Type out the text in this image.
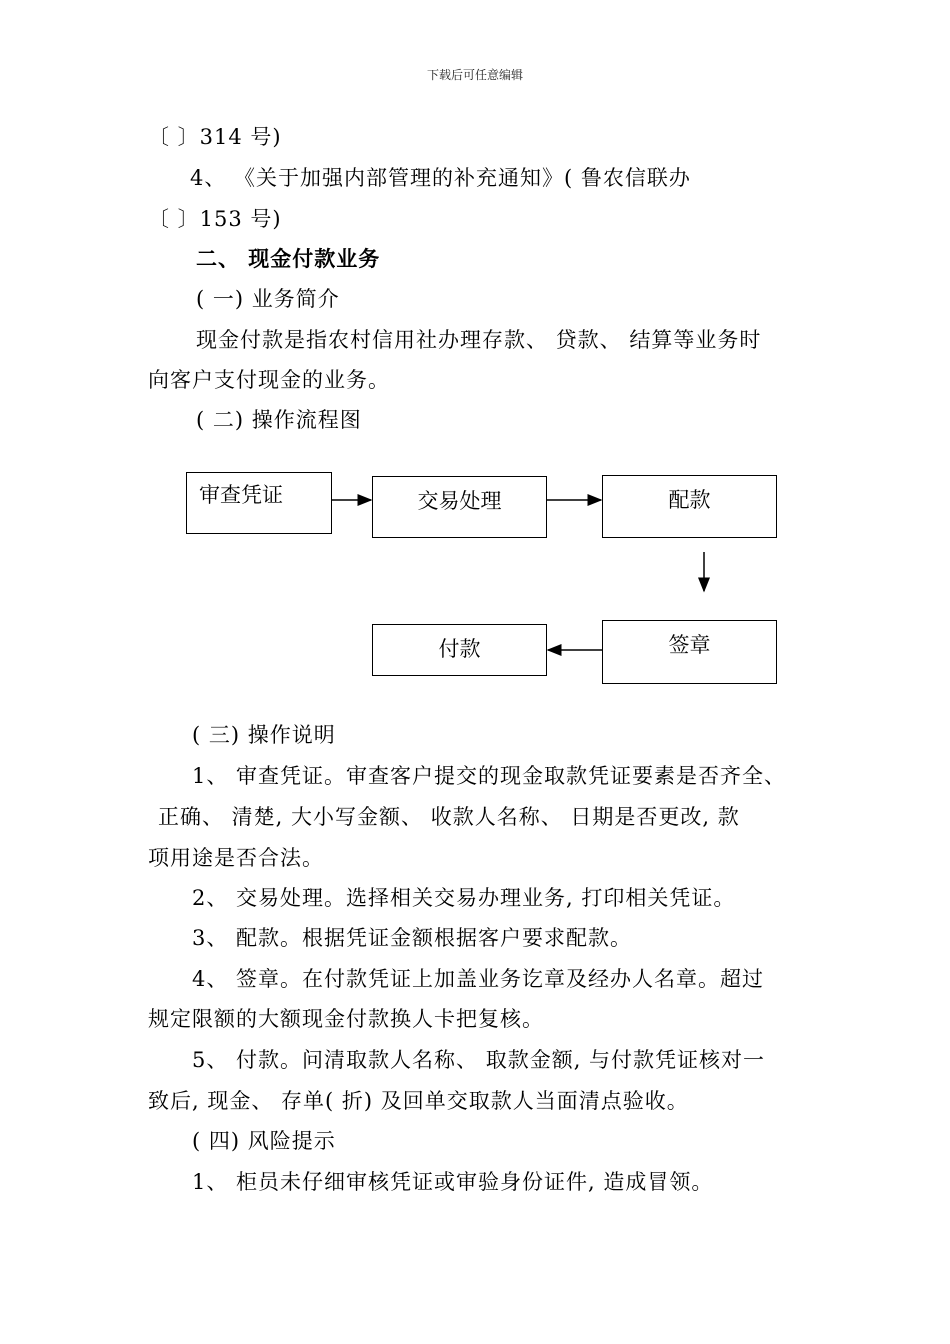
下载后可任意编辑
〔 〕314 号)
4、 《关于加强内部管理的补充通知》( 鲁农信联办
〔 〕153 号)
二、 现金付款业务
( 一) 业务简介
现金付款是指农村信用社办理存款、 贷款、 结算等业务时
向客户支付现金的业务。
( 二) 操作流程图
审查凭证	交易处理	配款
签章
付款
( 三) 操作说明
1、 审查凭证。审查客户提交的现金取款凭证要素是否齐全、
正确、 清楚, 大小写金额、 收款人名称、 日期是否更改, 款
项用途是否合法。
2、 交易处理。选择相关交易办理业务, 打印相关凭证。
3、 配款。根据凭证金额根据客户要求配款。
4、 签章。在付款凭证上加盖业务讫章及经办人名章。超过
规定限额的大额现金付款换人卡把复核。
5、 付款。问清取款人名称、 取款金额, 与付款凭证核对一
致后, 现金、 存单( 折) 及回单交取款人当面清点验收。
( 四) 风险提示
1、 柜员未仔细审核凭证或审验身份证件, 造成冒领。
